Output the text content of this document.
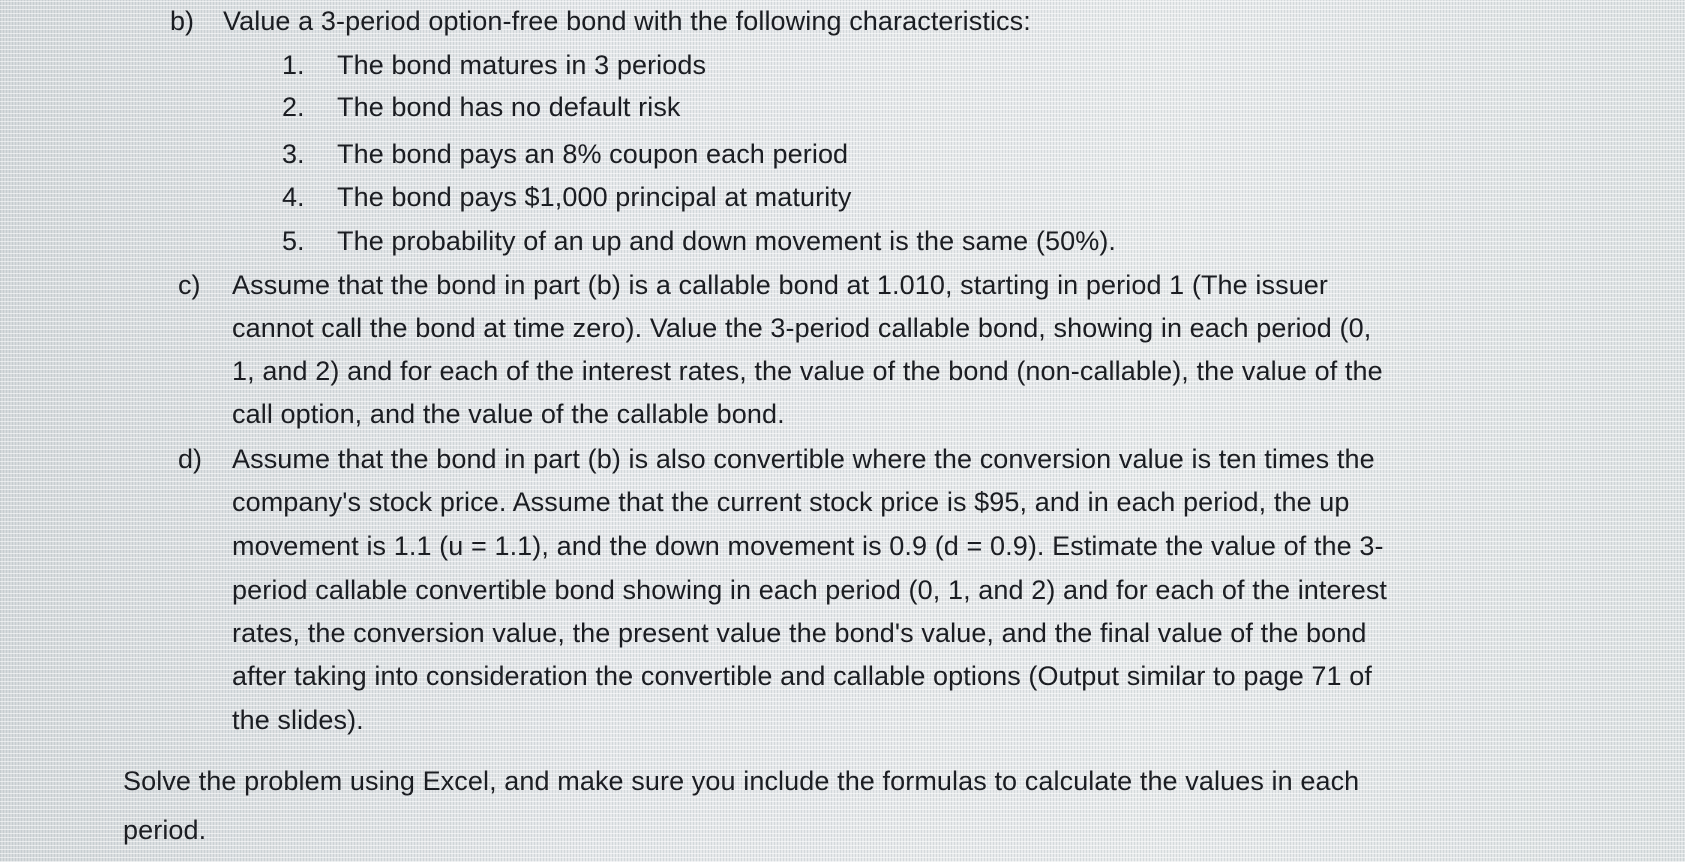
b) Value a 3-period option-free bond with the following characteristics:
1. The bond matures in 3 periods
2. The bond has no default risk
3. The bond pays an 8% coupon each period
4. The bond pays $1,000 principal at maturity
5. The probability of an up and down movement is the same (50%).
c) Assume that the bond in part (b) is a callable bond at 1.010, starting in period 1 (The issuer
cannot call the bond at time zero). Value the 3-period callable bond, showing in each period (0,
1, and 2) and for each of the interest rates, the value of the bond (non-callable), the value of the
call option, and the value of the callable bond.
d) Assume that the bond in part (b) is also convertible where the conversion value is ten times the
company's stock price. Assume that the current stock price is $95, and in each period, the up
movement is 1.1 (u = 1.1), and the down movement is 0.9 (d = 0.9). Estimate the value of the 3-
period callable convertible bond showing in each period (0, 1, and 2) and for each of the interest
rates, the conversion value, the present value the bond's value, and the final value of the bond
after taking into consideration the convertible and callable options (Output similar to page 71 of
the slides).
Solve the problem using Excel, and make sure you include the formulas to calculate the values in each
period.
